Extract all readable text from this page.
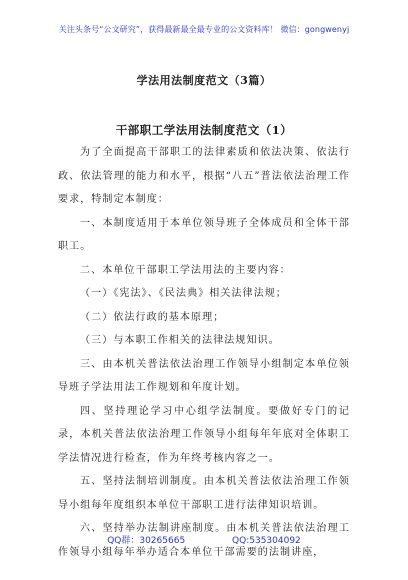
关注头条号“公文研究”，获得最新最全最专业的公文资料库！ 微信：gongwenyj
学法用法制度范文（3篇）
干部职工学法用法制度范文（1）

为了全面提高干部职工的法律素质和依法决策、依法行政、依法管理的能力和水平，根据“八五”普法依法治理工作要求，特制定本制度：

一、本制度适用于本单位领导班子全体成员和全体干部职工。

二、本单位干部职工学法用法的主要内容：

（一）《宪法》、《民法典》相关法律法规；

（二）依法行政的基本原理；

（三）与本职工作相关的法律法规知识。

三、由本机关普法依法治理工作领导小组制定本单位领导班子学法用法工作规划和年度计划。

四、坚持理论学习中心组学法制度。要做好专门的记录，本机关普法依法治理工作领导小组每年年底对全体职工学法情况进行检查，作为年终考核内容之一。

五、坚持法制培训制度。由本机关普法依法治理工作领导小组每年度组织本单位干部职工进行法律知识培训。

六、坚持举办法制讲座制度。由本机关普法依法治理工作领导小组每年举办适合本单位干部需要的法制讲座，

QQ群：30265665	QQ:535304092
